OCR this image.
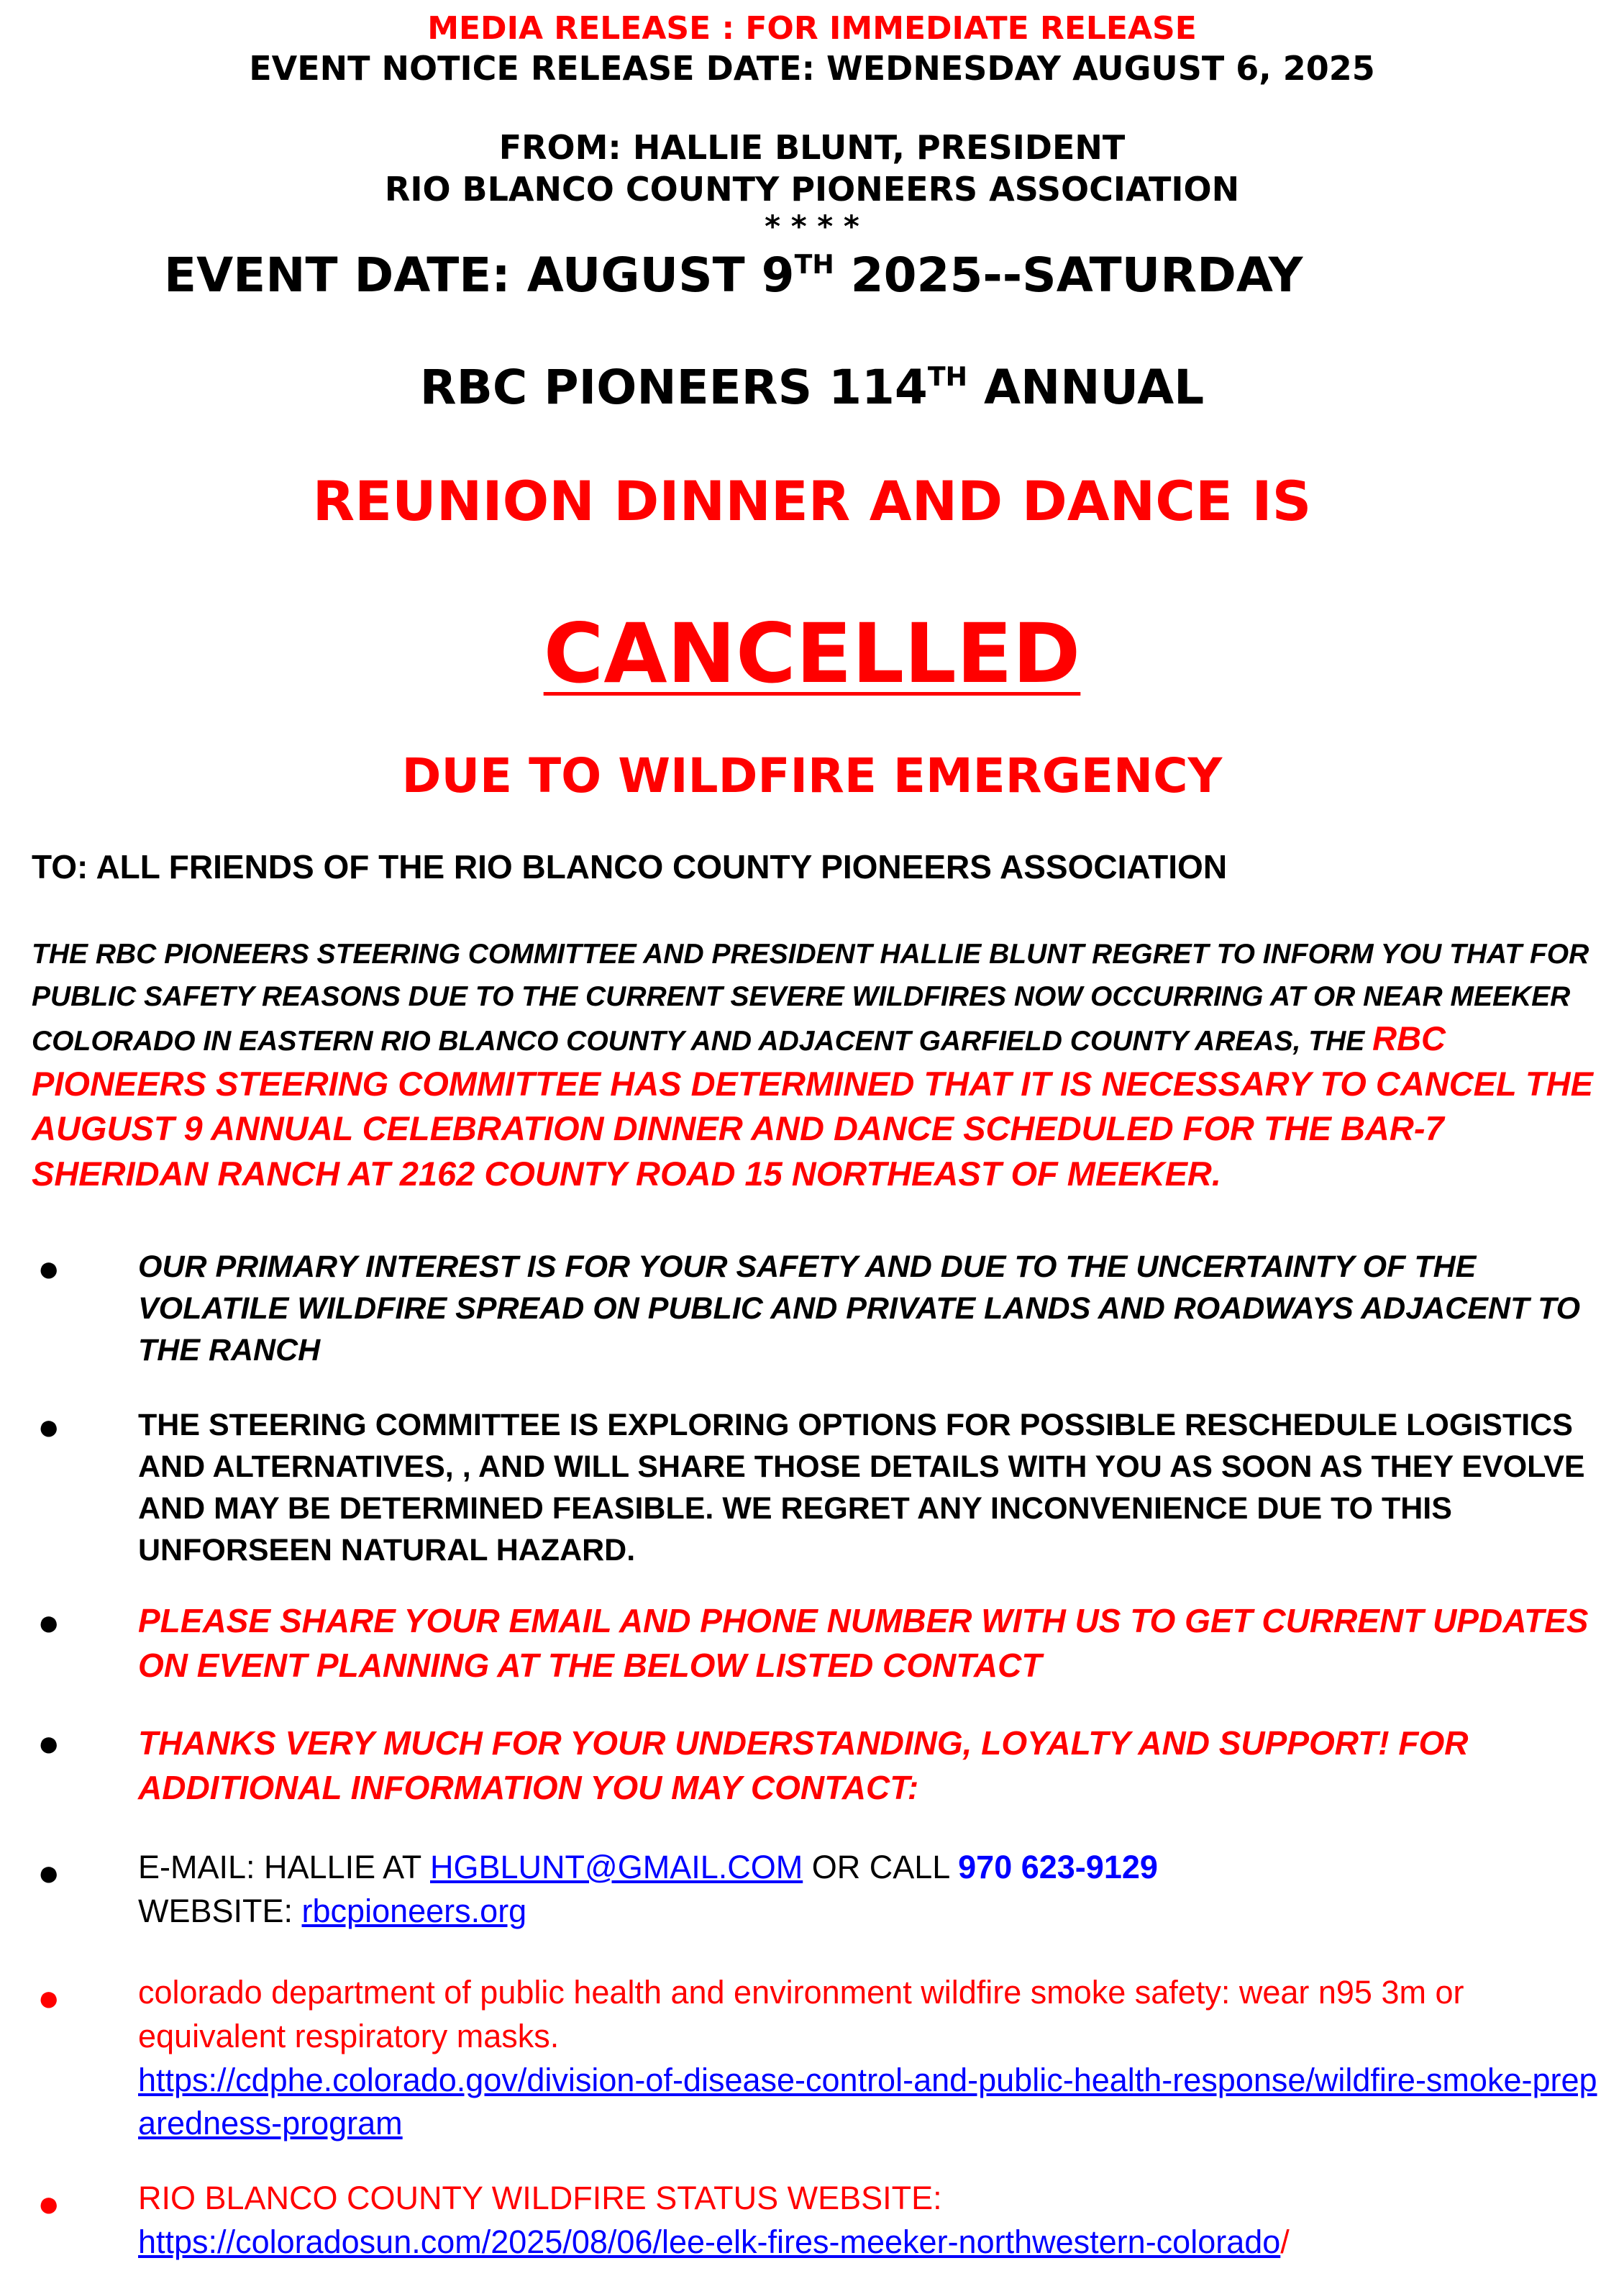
MEDIA RELEASE : FOR IMMEDIATE RELEASE
EVENT NOTICE RELEASE DATE: WEDNESDAY AUGUST 6, 2025
FROM: HALLIE BLUNT, PRESIDENT
RIO BLANCO COUNTY PIONEERS ASSOCIATION
* * * *
EVENT DATE: AUGUST 9TH 2025--SATURDAY
RBC PIONEERS 114TH ANNUAL
REUNION DINNER AND DANCE IS
CANCELLED
DUE TO WILDFIRE EMERGENCY
TO: ALL FRIENDS OF THE RIO BLANCO COUNTY PIONEERS ASSOCIATION
THE RBC PIONEERS STEERING COMMITTEE AND PRESIDENT HALLIE BLUNT REGRET TO INFORM YOU THAT FOR PUBLIC SAFETY REASONS DUE TO THE CURRENT SEVERE WILDFIRES NOW OCCURRING AT OR NEAR MEEKER COLORADO IN EASTERN RIO BLANCO COUNTY AND ADJACENT GARFIELD COUNTY AREAS, THE RBC PIONEERS STEERING COMMITTEE HAS DETERMINED THAT IT IS NECESSARY TO CANCEL THE AUGUST 9 ANNUAL CELEBRATION DINNER AND DANCE SCHEDULED FOR THE BAR-7 SHERIDAN RANCH AT 2162 COUNTY ROAD 15 NORTHEAST OF MEEKER.
●	OUR PRIMARY INTEREST IS FOR YOUR SAFETY AND DUE TO THE UNCERTAINTY OF THE VOLATILE WILDFIRE SPREAD ON PUBLIC AND PRIVATE LANDS AND ROADWAYS ADJACENT TO THE RANCH
●	THE STEERING COMMITTEE IS EXPLORING OPTIONS FOR POSSIBLE RESCHEDULE LOGISTICS AND ALTERNATIVES, , AND WILL SHARE THOSE DETAILS WITH YOU AS SOON AS THEY EVOLVE AND MAY BE DETERMINED FEASIBLE. WE REGRET ANY INCONVENIENCE DUE TO THIS UNFORSEEN NATURAL HAZARD.
● PLEASE SHARE YOUR EMAIL AND PHONE NUMBER WITH US TO GET CURRENT UPDATES ON EVENT PLANNING AT THE BELOW LISTED CONTACT
● THANKS VERY MUCH FOR YOUR UNDERSTANDING, LOYALTY AND SUPPORT! FOR ADDITIONAL INFORMATION YOU MAY CONTACT:
● E-MAIL: HALLIE AT HGBLUNT@GMAIL.COM OR CALL 970 623-9129
WEBSITE: rbcpioneers.org
● colorado department of public health and environment wildfire smoke safety: wear n95 3m or equivalent respiratory masks.
https://cdphe.colorado.gov/division-of-disease-control-and-public-health-response/wildfire-smoke-preparedness-program
● RIO BLANCO COUNTY WILDFIRE STATUS WEBSITE:
https://coloradosun.com/2025/08/06/lee-elk-fires-meeker-northwestern-colorado/
